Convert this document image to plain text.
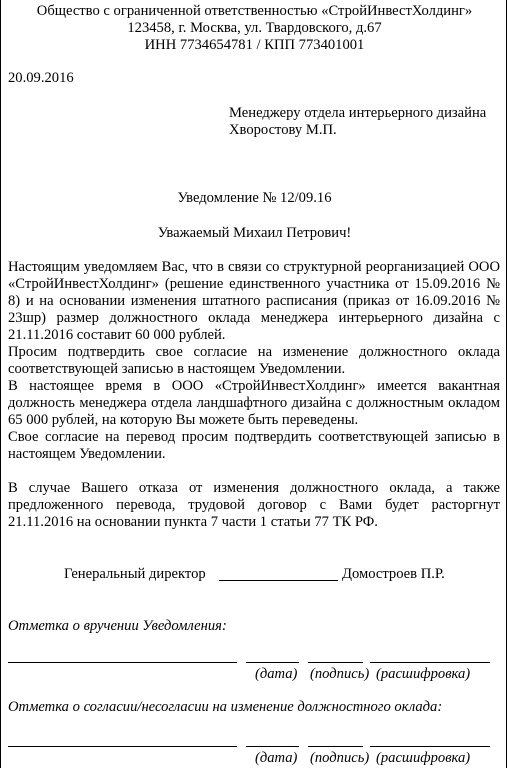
Общество с ограниченной ответственностью «СтройИнвестХолдинг»
123458, г. Москва, ул. Твардовского, д.67
ИНН 7734654781 / КПП 773401001
20.09.2016
Менеджеру отдела интерьерного дизайна
Хворостову М.П.
Уведомление № 12/09.16
Уважаемый Михаил Петрович!

Настоящим уведомляем Вас, что в связи со структурной реорганизацией ООО «СтройИнвестХолдинг» (решение единственного участника от 15.09.2016 № 8) и на основании изменения штатного расписания (приказ от 16.09.2016 № 23шр) размер должностного оклада менеджера интерьерного дизайна с 21.11.2016 составит 60 000 рублей.

Просим подтвердить свое согласие на изменение должностного оклада соответствующей записью в настоящем Уведомлении.

В настоящее время в ООО «СтройИнвестХолдинг» имеется вакантная должность менеджера отдела ландшафтного дизайна с должностным окладом 65 000 рублей, на которую Вы можете быть переведены.

Свое согласие на перевод просим подтвердить соответствующей записью в настоящем Уведомлении.

В случае Вашего отказа от изменения должностного оклада, а также предложенного перевода, трудовой договор с Вами будет расторгнут 21.11.2016 на основании пункта 7 части 1 статьи 77 ТК РФ.

Генеральный директор	Домостроев П.Р.
Отметка о вручении Уведомления:
(дата) (подпись) (расшифровка)
Отметка о согласии/несогласии на изменение должностного оклада:
(дата) (подпись) (расшифровка)
